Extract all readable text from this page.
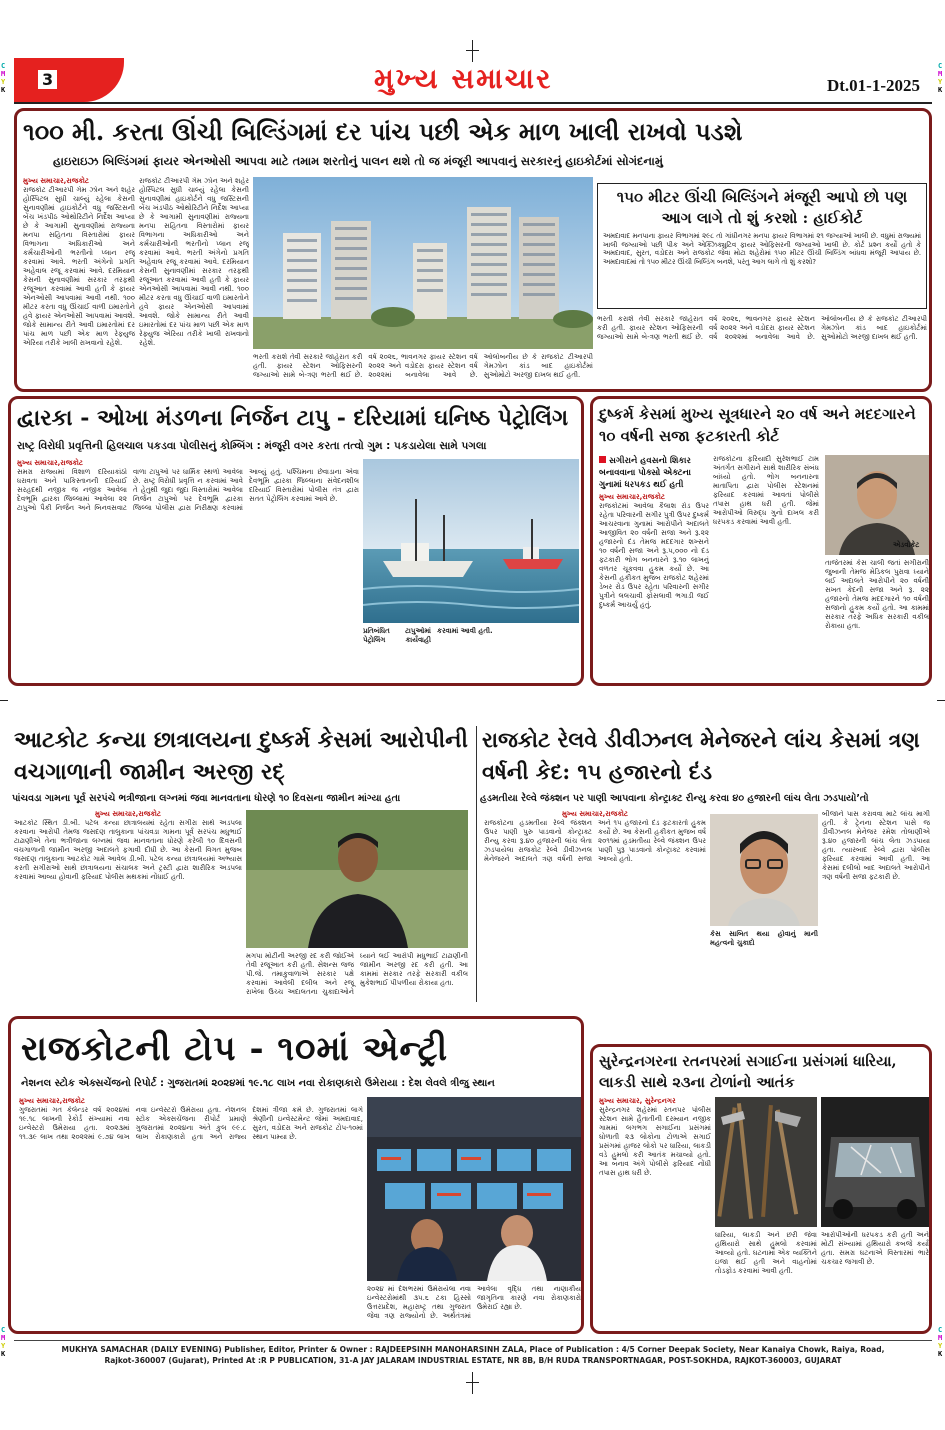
C
M
Y
K
C
M
Y
K
C
M
Y
K
C
M
Y
K
3	મુખ્ય સમાચાર	Dt.01-1-2025
૧૦૦ મી. કરતા ઊંચી બિલ્ડિંગમાં દર પાંચ પછી એક માળ ખાલી રાખવો પડશે
હાઇરાઇઝ બિલ્ડિંગમાં ફાયર એનઓસી આપવા માટે તમામ શરતોનું પાલન થશે તો જ મંજૂરી આપવાનું સરકારનું હાઇકોર્ટમાં સોગંદનામું
મુખ્ય સમાચાર,રાજકોટ
રાજકોટ ટીઆરપી ગેમ ઝોન અને શહેર હોસ્પિટલ સુધી ચાલ્યું રહેલા કેસની સુનાવણીમાં હાઇકોર્ટને વધુ જસ્ટિસની બેંચ ખંડપીઠ ઓથોરિટીને નિર્દેશ આપ્યા છે કે આગામી સુનાવણીમાં રાજ્યના મનપા સહિતના વિસ્તારોમાં ફાયર વિભાગના અધિકારીઓ અને કર્મચારીઓની ભરતીનો પ્લાન રજૂ કરવામાં આવે. ભરતી અંગેનો પ્રગતિ અહેવાલ રજૂ કરવામાં આવે. દરમિયાન કેસની સુનાવણીમાં સરકાર તરફથી રજૂઆત કરવામાં આવી હતી કે ફાયર એનઓસી આપવામાં આવી નથી. ૧૦૦ મીટર કરતા વધુ ઊંચાઈ વાળી ઇમારતોને હવે ફાયર એનઓસી આપવામાં આવશે. જોકે સામાન્ય રીતે આવી ઇમારતોમાં દર પાંચ માળ પછી એક માળ રેફ્યુજ એરિયા તરીકે ખાલી રાખવાનો રહેશે.
રાજકોટ ટીઆરપી ગેમ ઝોન અને શહેર હોસ્પિટલ સુધી ચાલ્યું રહેલા કેસની સુનાવણીમાં હાઇકોર્ટને વધુ જસ્ટિસની બેંચ ખંડપીઠ ઓથોરિટીને નિર્દેશ આપ્યા છે કે આગામી સુનાવણીમાં રાજ્યના મનપા સહિતના વિસ્તારોમાં ફાયર વિભાગના અધિકારીઓ અને કર્મચારીઓની ભરતીનો પ્લાન રજૂ કરવામાં આવે. ભરતી અંગેનો પ્રગતિ અહેવાલ રજૂ કરવામાં આવે. દરમિયાન કેસની સુનાવણીમાં સરકાર તરફથી રજૂઆત કરવામાં આવી હતી કે ફાયર એનઓસી આપવામાં આવી નથી. ૧૦૦ મીટર કરતા વધુ ઊંચાઈ વાળી ઇમારતોને હવે ફાયર એનઓસી આપવામાં આવશે. જોકે સામાન્ય રીતે આવી ઇમારતોમાં દર પાંચ માળ પછી એક માળ રેફ્યુજ એરિયા તરીકે ખાલી રાખવાનો રહેશે.
ભરતી કરાશે તેવી સરકારે જાહેરાત કરી હતી. ફાયર સ્ટેશન ઓફિસરની જગ્યાઓ સામે બે-ત્રણ ભરતી થઈ છે. વર્ષ ૨૦૨૬, ભાવનગર ફાયર સ્ટેશન વર્ષ ૨૦૨૨ અને વડોદરા ફાયર સ્ટેશન વર્ષ ૨૦૨૨માં બનાવેલા આવે છે. ઓલોબનીય છે કે રાજકોટ ટીઆરપી ગેમઝોન કાંડ બાદ હાઇકોર્ટમાં સુઓમોટો અરજી દાખલ થઈ હતી.
૧૫૦ મીટર ઊંચી બિલ્ડિંગને મંજૂરી આપો છો પણ આગ લાગે તો શું કરશો : હાઈકોર્ટ
અમદાવાદ મનપાના ફાયર વિભાગમાં ૨૯૮ તો ગાંધીનગર મનપા ફાયર વિભાગમાં ૨૧ જગ્યાઓ ખાલી છે. વધુમાં રાજ્યમાં ખાલી જગ્યાઓ પછી પીક અને એક્ઝિક્યુટિવ ફાયર ઓફિસરની જગ્યાઓ ખાલી છે. કોર્ટ પ્રશ્ન કર્યો હતો કે અમદાવાદ, સુરત, વડોદરા અને રાજકોટ જેવા મોટા શહેરોમાં ૧૫૦ મીટર ઊંચી બિલ્ડિંગ બાંધવા મંજૂરી આપાય છે. અમદાવાદમાં તો ૧૫૦ મીટર ઊંચી બિલ્ડિંગ બનશે, પરંતુ આગ લાગે તો શું કરશો?
ભરતી કરાશે તેવી સરકારે જાહેરાત કરી હતી. ફાયર સ્ટેશન ઓફિસરની જગ્યાઓ સામે બે-ત્રણ ભરતી થઈ છે. વર્ષ ૨૦૨૬, ભાવનગર ફાયર સ્ટેશન વર્ષ ૨૦૨૨ અને વડોદરા ફાયર સ્ટેશન વર્ષ ૨૦૨૨માં બનાવેલા આવે છે. ઓલોબનીય છે કે રાજકોટ ટીઆરપી ગેમઝોન કાંડ બાદ હાઇકોર્ટમાં સુઓમોટો અરજી દાખલ થઈ હતી.
દ્વારકા - ઓખા મંડળના નિર્જન ટાપુ - દરિયામાં ઘનિષ્ઠ પેટ્રોલિંગ
રાષ્ટ્ર વિરોધી પ્રવૃત્તિની હિલચાલ પકડવા પોલીસનું કોમ્બિંગ : મંજૂરી વગર કરતા તત્વો ગુમ : પકડાયેલા સામે પગલા
મુખ્ય સમાચાર,રાજકોટ
સમગ્ર રાજ્યમાં વિશાળ દરિયાકાંઠો ધરાવતા અને પાકિસ્તાનની દરિયાઈ સરહદથી નજીક જ નજીક આવેલા દેવભૂમિ દ્વારકા જિલ્લામાં આવેલા ૨૨ ટાપુઓ પૈકી નિર્જન અને બિનવસવાટ વાળા ટાપુઓ પર ધાર્મિક સ્થળો આવેલા છે. રાષ્ટ્ર વિરોધી પ્રવૃત્તિ ન કરવામાં આવે તે હેતુથી જુદા જુદા વિસ્તારોમાં આવેલા નિર્જન ટાપુઓ પર દેવભૂમિ દ્વારકા જિલ્લા પોલીસ દ્વારા નિરીક્ષણ કરવામાં આવ્યું હતું. પશ્ચિમના છેવાડાના એવા દેવભૂમિ દ્વારકા જિલ્લાના સંવેદનશીલ દરિયાઈ વિસ્તારોમાં પોલીસ તંત્ર દ્વારા સતત પેટ્રોલિંગ કરવામાં આવે છે.
પ્રતિબંધિત ટાપુઓમાં પેટ્રોલિંગ કાર્યવાહી કરવામાં આવી હતી.
દુષ્કર્મ કેસમાં મુખ્ય સૂત્રધારને ૨૦ વર્ષ અને મદદગારને ૧૦ વર્ષની સજા ફટકારતી કોર્ટ
સગીરાને હવસનો શિકાર બનાવવાના પોક્સો એક્ટના ગુનામાં ધરપકડ થઈ હતી
મુખ્ય સમાચાર,રાજકોટ
રાજકોટમાં આવેલા કૈલાશ રોડ ઉપર રહેતા પરિવારની સગીર પુત્રી ઉપર દુષ્કર્મ આચરવાના ગુનામાં આરોપીને અદાલતે આજીવિત ૨૦ વર્ષની સજા અને રૂ.૨૨ હજારનો દંડ તેમજ મદદગાર શખ્સને ૧૦ વર્ષની સજા અને રૂ.૫,૦૦૦ નો દંડ ફટકારી ભોગ બનનારને રૂ.૧૦ લાખનું વળતર ચૂકવવા હુકમ કર્યો છે. આ કેસની હકીકત મુજબ રાજકોટ શહેરમાં ડેબર રોડ ઉપર રહેતા પરિવારની સગીર પુત્રીને લલચાવી ફોસલાવી ભગાડી જઈ દુષ્કર્મ આચર્યું હતું.
રાજકોટના ફરિયાદી સુરેશભાઈ ટામ અંતર્ગત સગીરાને સાથે શારીરિક સંબંધ બાંધ્યો હતો. ભોગ બનનારના માતાપિતા દ્વારા પોલીસ સ્ટેશનમાં ફરિયાદ કરવામાં આવતાં પોલીસે તપાસ હાથ ધરી હતી. જેમાં આરોપીઓ વિરુદ્ધ ગુનો દાખલ કરી ધરપકડ કરવામાં આવી હતી.
એડવોકેટ
તાજેતરમાં કેસ ચાલી જતાં સગીરાની જુબાની તેમજ મેડિકલ પુરાવા ધ્યાને લઈ અદાલતે આરોપીને ૨૦ વર્ષની સખત કેદની સજા અને રૂ. ૨૨ હજારનો તેમજ મદદગારને ૧૦ વર્ષની સજાનો હુકમ કર્યો હતો. આ કામમાં સરકાર તરફે અધિક સરકારી વકીલ રોકાયા હતા.
આટકોટ કન્યા છાત્રાલયના દુષ્કર્મ કેસમાં આરોપીની વચગાળાની જામીન અરજી રદ્
પાંચવડા ગામના પૂર્વ સરપંચે ભત્રીજાના લગ્નમાં જવા માનવતાના ધોરણે ૧૦ દિવસના જામીન માંગ્યા હતા
મુખ્ય સમાચાર,રાજકોટ
આટકોટ સ્થિત ડી.બી. પટેલ કન્યા છાત્રાલયમાં રહેતા સગીરા સાથે અડપલા કરવાના આરોપી તેમજ જસદણ તાલુકાના પાંચવડા ગામના પૂર્વ સરપંચ મધુભાઈ ટાઢાણીએ તેના ભત્રીજાના લગ્નમાં જવા માનવતાના ધોરણે કરેલી ૧૦ દિવસની વચગાળાની જામીન અરજી અદાલતે ફગાવી દીધી છે. આ કેસની વિગત મુજબ જસદણ તાલુકાના આટકોટ ગામે આવેલ ડી.બી. પટેલ કન્યા છાત્રાલયમાં અભ્યાસ કરતી સગીરાઓ સાથે છાત્રાલયના સંચાલક અને ટ્રસ્ટી દ્વારા શારીરિક અડપલા કરવામાં આવ્યા હોવાની ફરિયાદ પોલીસ મથકમાં નોંધાઈ હતી.
મગપા મોટીની અરજી રદ કરી જોઈએ તેવી રજૂઆત કરી હતી. સેશન્સ જજ પી.જે. તમાકુવાળાએ સરકાર પક્ષે કરવામાં આવેલી દલીલ અને રજૂ રાખેલા ઉચ્ચ અદાલતના ચુકાદાઓને ધ્યાને લઈ આરોપી મધુભાઈ ટાઢાણીની જામીન અરજી રદ કરી હતી. આ કામમાં સરકાર તરફે સરકારી વકીલ મુકેશભાઈ પીપળીયા રોકાયા હતા.
રાજકોટ રેલવે ડીવીઝનલ મેનેજરને લાંચ કેસમાં ત્રણ વર્ષની કેદ: ૧૫ હજારનો દંડ
હડમતીયા રેલ્વે જંક્શન પર પાણી આપવાના કોન્ટ્રાક્ટ રીન્યુ કરવા ૪૦ હજારની લાંચ લેતા ઝડપાયો’તો
મુખ્ય સમાચાર,રાજકોટ
રાજકોટના હડમતીયા રેલ્વે જંક્શન ઉપર પાણી પુરુ પાડવાનો કોન્ટ્રાક્ટ રીન્યુ કરવા રૂ.૪૦ હજારની લાંચ લેતા ઝડપાયેલા રાજકોટ રેલ્વે ડીવીઝનલ મેનેજરને અદાલતે ત્રણ વર્ષની સજા અને ૧૫ હજારનો દંડ ફટકારતો હુકમ કર્યો છે. આ કેસની હકીકત મુજબ વર્ષ ૨૦૧૧માં હડમતીયા રેલ્વે જંક્શન ઉપર પાણી પુરૂ પાડવાનો કોન્ટ્રાક્ટ કરવામાં આવ્યો હતો.
કેસ સાબિત થયા હોવાનું માની મહત્વનો ચુકાદો
બીજાને પાસ કરાવવા માટે લાંચ માગી હતી. કે ટ્રેનના સ્ટેશન પાસે જ ડીવીઝનલ મેનેજર રમેશ તોલાણીએ રૂ.૪૦ હજારની લાંચ લેતા ઝડપાયા હતા. ત્યારબાદ રેલ્વે દ્વારા પોલીસ ફરિયાદ કરવામાં આવી હતી. આ કેસમાં દલીલો બાદ અદાલતે આરોપીને ત્રણ વર્ષની સજા ફટકારી છે.
રાજકોટની ટોપ - ૧૦માં એન્ટ્રી
નેશનલ સ્ટોક એક્સચેંજનો રિપોર્ટ : ગુજરાતમાં ૨૦૨૪માં ૧૯.૧૮ લાખ નવા રોકાણકારો ઉમેરાયા : દેશ લેવલે ત્રીજુ સ્થાન
મુખ્ય સમાચાર,રાજકોટ
ગુજરાતમાં ગત કેલેન્ડર વર્ષ ૨૦૨૪માં ૧૯.૧૮ લાખની રેકોર્ડ સંખ્યામાં નવા ઇન્વેસ્ટરો ઉમેરાયા હતા. ૨૦૨૩માં ૧૧.૩૯ લાખ તથા ૨૦૨૨માં ૯.૭૪ લાખ નવા ઇન્વેસ્ટરો ઉમેરાયા હતા. નેશનલ સ્ટોક એક્સચેંજના રીપોર્ટ પ્રમાણે ગુજરાતમાં ૨૦૨૪ના અંતે કુલ ૯૯.૮ લાખ રોકાણકારો હતા અને રાજ્ય દેશમાં ત્રીજા ક્રમે છે. ગુજરાતમાં લાગે શ્રેણીની ઇન્વેસ્ટમેન્ટ જેમાં અમદાવાદ, સુરત, વડોદરા અને રાજકોટ ટોપ-૧૦માં સ્થાન પામ્યા છે.
૨૦૨૪ માં દેશભરમાં ઉમેરાયેલા નવા ઇન્વેસ્ટરોમાંથી ૩૫.૬ ટકા હિસ્સો ઉત્તરપ્રદેશ, મહારાષ્ટ્ર તથા ગુજરાત જેવા ત્રણ રાજ્યોનો છે. અર્થતંત્રમાં આવેલા વૃદ્ધિ તથા નાણાકીય જાગૃતિના કારણે નવા રોકાણકારો ઉમેરાઈ રહ્યા છે.
સુરેન્દ્રનગરના રતનપરમાં સગાઈના પ્રસંગમાં ધારિયા, લાકડી સાથે ૨૩ના ટોળાંનો આતંક
મુખ્ય સમાચાર, સુરેન્દ્રનગર
સુરેન્દ્રનગર શહેરમાં રતનપર પોલીસ સ્ટેશન સામે હૈતાતીની દરમ્યાન નજીક ગામમાં લગભગ સગાઈના પ્રસંગમાં ઘોળાતી ૨૩ લોકોના ટોળાએ સગાઈ પ્રસંગમાં હાજર લોકો પર ધારિયા, લાકડી વડે હુમલો કરી આતંક મચાવ્યો હતો. આ બનાવ અંગે પોલીસે ફરિયાદ નોંધી તપાસ હાથ ધરી છે.
ધારિયા, લાકડી અને છરી જેવા હથિયારો સાથે હુમલો કરવામાં આવ્યો હતો. ઘટનામાં એક વ્યક્તિને ઇજા થઈ હતી અને વાહનોમાં તોડફોડ કરવામાં આવી હતી.
આરોપીઓની ધરપકડ કરી હતી અને મોટી સંખ્યામાં હથિયારો કબજે કર્યા હતા. સમગ્ર ઘટનાએ વિસ્તારમાં ભારે ચકચાર જગાવી છે.
MUKHYA SAMACHAR (DAILY EVENING) Publisher, Editor, Printer & Owner : RAJDEEPSINH MANOHARSINH ZALA, Place of Publication : 4/5 Corner Deepak Society, Near Kanaiya Chowk, Raiya, Road,
Rajkot-360007 (Gujarat), Printed At :R P PUBLICATION, 31-A JAY JALARAM INDUSTRIAL ESTATE, NR 8B, B/H RUDA TRANSPORTNAGAR, POST-SOKHDA, RAJKOT-360003, GUJARAT
